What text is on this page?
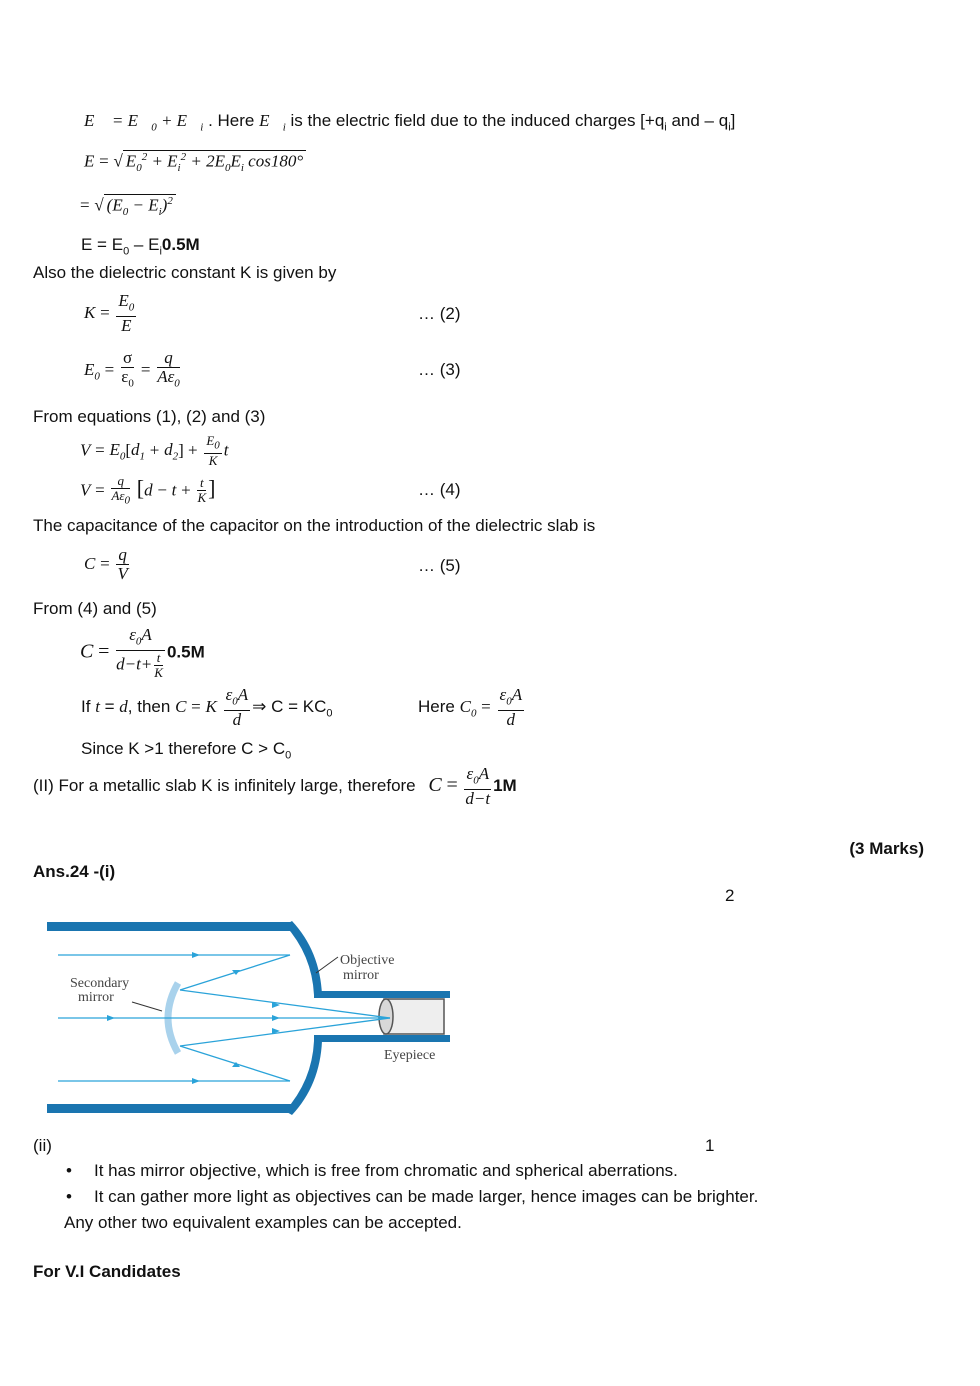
E⃗ = $E⃗_0$ + $E⃗_i$ . Here $E⃗_i$ is the electric field due to the induced charges [$+q_i$ and – $q_i$]
E = √ $E_0^2 + E_i^2 + 2E_0E_i$ cos180°
= √ $(E_0 - E_i)^2$
$E = E_0 - E_i0.5M$
Also the dielectric constant K is given by
$K = \frac{E_0}{E}$	… (2)
$E_0 = \frac{\sigma}{\varepsilon_0} = \frac{q}{A\varepsilon_0}$	… (3)
From equations (1), (2) and (3)
$V = E_0[d_1 + d_2] + \frac{E_0}{K}$ t
$V = \frac{q}{A\varepsilon_0} [d - t + \frac{t}{K}$ ]	… (4)
The capacitance of the capacitor on the introduction of the dielectric slab is
$C = \frac{q}{V}$	… (5)
From (4) and (5)
$C = \frac{\varepsilon_0A}{d-t+ \frac{t}{K}} 0.5M$
If t = d, then C = K $\frac{\varepsilon_0A}{d}$ ⇒ $C = KC_0$	Here $C_0 = \frac{\varepsilon_0A}{d}$
Since K >1 therefore $C > C_0$
(II) For a metallic slab K is infinitely large, therefore $C = \frac{\varepsilon_0A}{d-t} 1M$
(3 Marks)
Ans.24 -(i)
2
Objective
mirror
Secondary
mirror
Eyepiece
(ii)	1
• It has mirror objective, which is free from chromatic and spherical aberrations.
• It can gather more light as objectives can be made larger, hence images can be brighter.
Any other two equivalent examples can be accepted.
For V.I Candidates
